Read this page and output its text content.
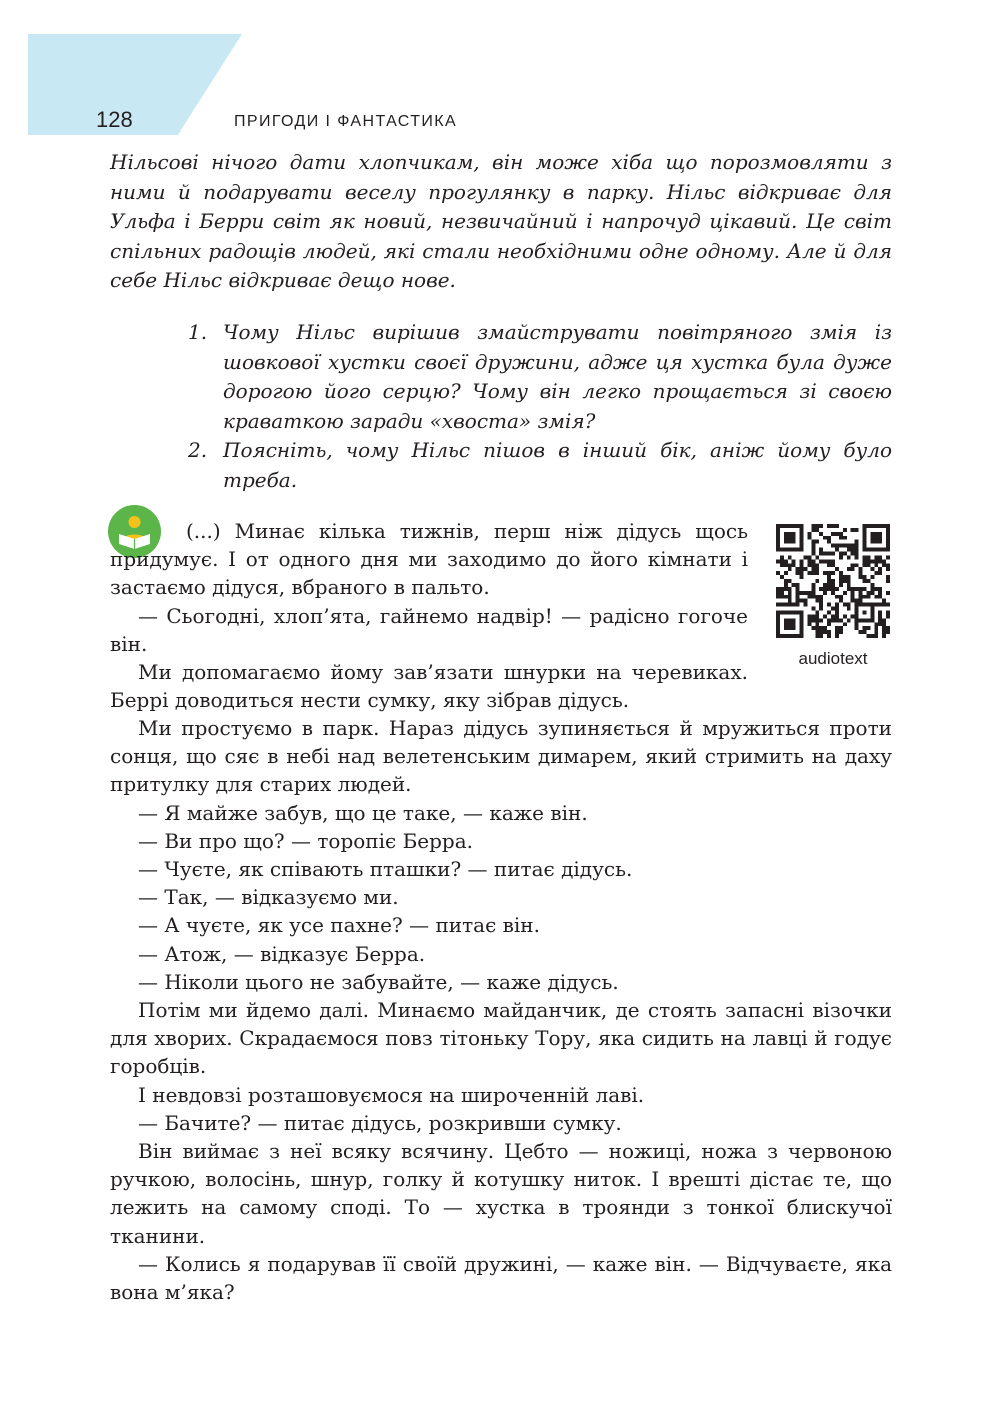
128	ПРИГОДИ І ФАНТАСТИКА

Нільсові нічого дати хлопчикам, він може хіба що порозмовляти з ними й подарувати веселу прогулянку в парку. Нільс відкриває для Ульфа і Берри світ як новий, незвичайний і напрочуд цікавий. Це світ спільних радощів людей, які стали необхідними одне одному. Але й для себе Нільс відкриває дещо нове.

1. Чому Нільс вирішив змайструвати повітряного змія із шовкової хустки своєї дружини, адже ця хустка була дуже дорогою його серцю? Чому він легко прощається зі своєю краваткою заради «хвоста» змія?
2. Поясніть, чому Нільс пішов в інший бік, аніж йому було треба.
audiotext

(...) Минає кілька тижнів, перш ніж дідусь щось придумує. І от одного дня ми заходимо до його кімнати і застаємо дідуся, вбраного в пальто.

— Сьогодні, хлоп’ята, гайнемо надвір! — радісно гогоче він.

Ми допомагаємо йому зав’язати шнурки на черевиках. Беррі доводиться нести сумку, яку зібрав дідусь.

Ми простуємо в парк. Нараз дідусь зупиняється й мружиться проти сонця, що сяє в небі над велетенським димарем, який стримить на даху притулку для старих людей.

— Я майже забув, що це таке, — каже він.

— Ви про що? — торопіє Берра.

— Чуєте, як співають пташки? — питає дідусь.

— Так, — відказуємо ми.

— А чуєте, як усе пахне? — питає він.

— Атож, — відказує Берра.

— Ніколи цього не забувайте, — каже дідусь.

Потім ми йдемо далі. Минаємо майданчик, де стоять запасні візочки для хворих. Скрадаємося повз тітоньку Тору, яка сидить на лавці й годує горобців.

І невдовзі розташовуємося на широченній лаві.

— Бачите? — питає дідусь, розкривши сумку.

Він виймає з неї всяку всячину. Цебто — ножиці, ножа з червоною ручкою, волосінь, шнур, голку й котушку ниток. І врешті дістає те, що лежить на самому споді. То — хустка в троянди з тонкої блискучої тканини.

— Колись я подарував її своїй дружині, — каже він. — Відчуваєте, яка вона м’яка?
